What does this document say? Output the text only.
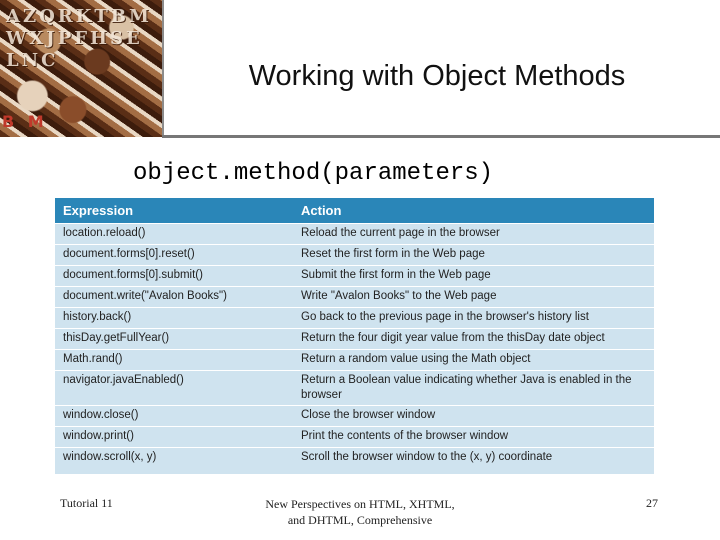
AZQRKTBMWXJPFHSELNC
B M
Working with Object Methods
object.method(parameters)
Expression	Action
location.reload()	Reload the current page in the browser
document.forms[0].reset()	Reset the first form in the Web page
document.forms[0].submit()	Submit the first form in the Web page
document.write("Avalon Books")	Write "Avalon Books" to the Web page
history.back()	Go back to the previous page in the browser's history list
thisDay.getFullYear()	Return the four digit year value from the thisDay date object
Math.rand()	Return a random value using the Math object
navigator.javaEnabled()	Return a Boolean value indicating whether Java is enabled in the browser
window.close()	Close the browser window
window.print()	Print the contents of the browser window
window.scroll(x, y)	Scroll the browser window to the (x, y) coordinate
Tutorial 11	New Perspectives on HTML, XHTML,
and DHTML, Comprehensive
27
